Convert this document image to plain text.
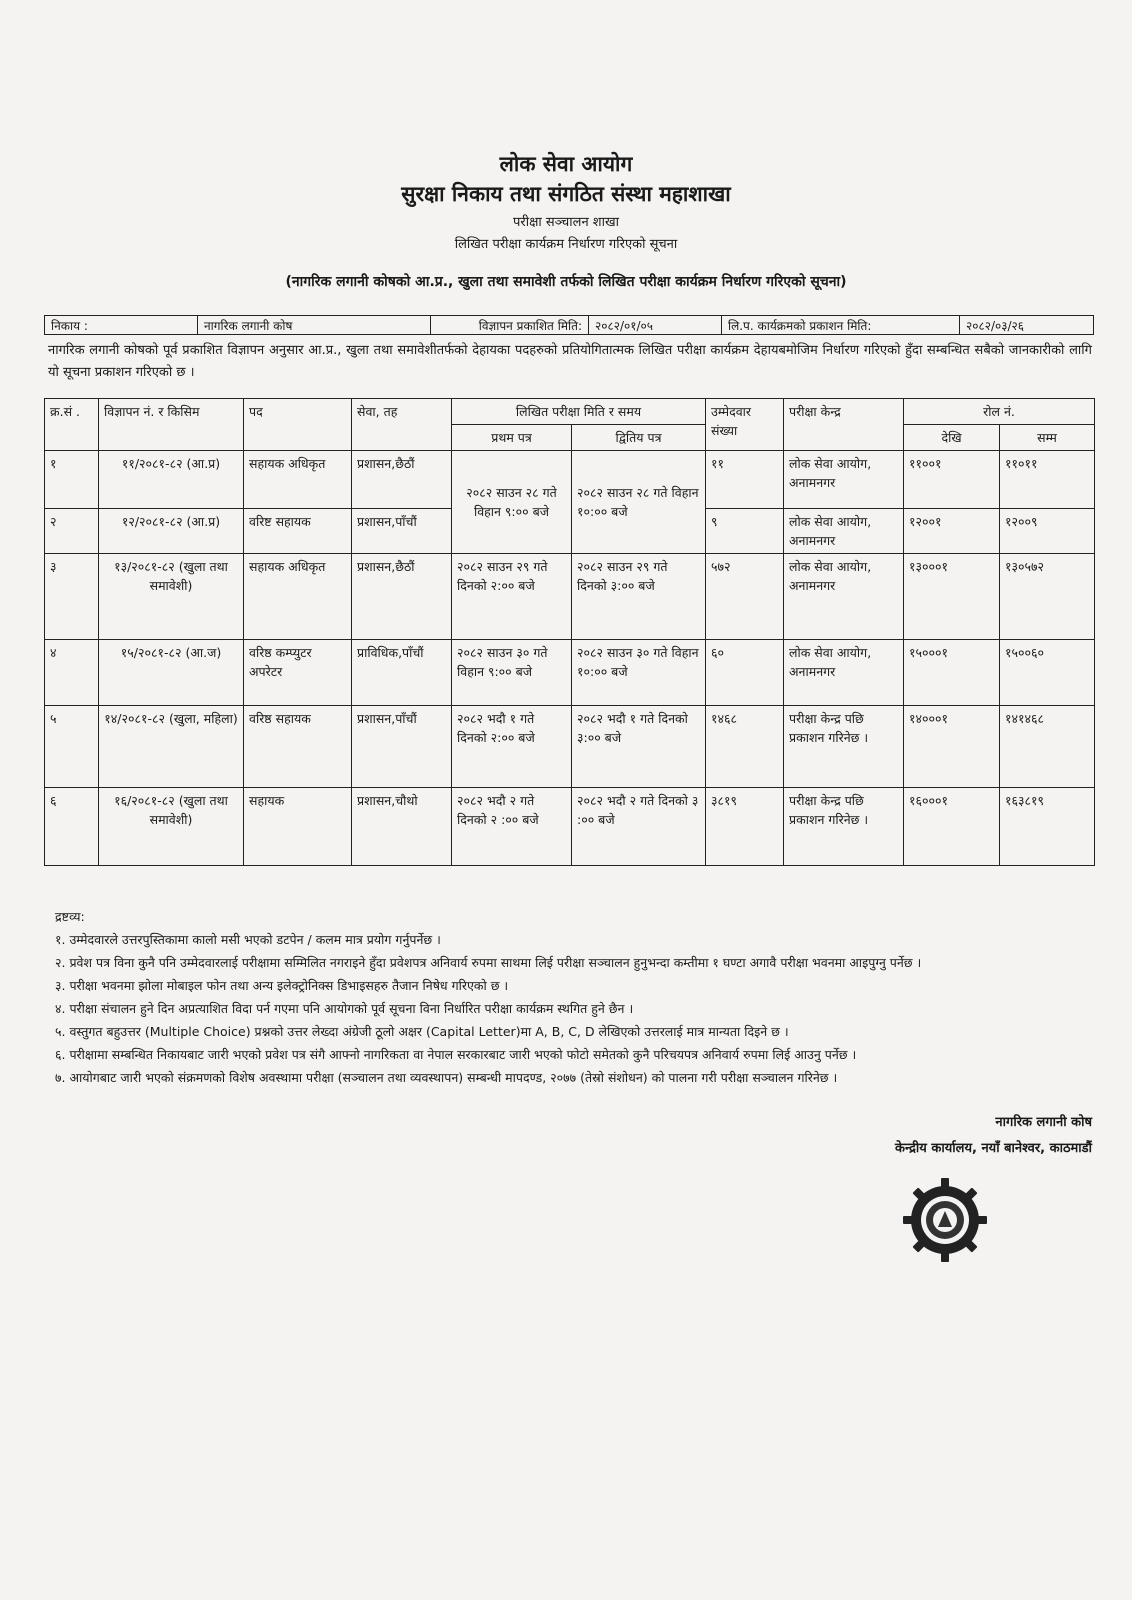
लोक सेवा आयोग
सुरक्षा निकाय तथा संगठित संस्था महाशाखा
परीक्षा सञ्चालन शाखा
लिखित परीक्षा कार्यक्रम निर्धारण गरिएको सूचना
(नागरिक लगानी कोषको आ.प्र., खुला तथा समावेशी तर्फको लिखित परीक्षा कार्यक्रम निर्धारण गरिएको सूचना)
निकाय :	नागरिक लगानी कोष	विज्ञापन प्रकाशित मिति:	२०८२/०१/०५	लि.प. कार्यक्रमको प्रकाशन मिति:	२०८२/०३/२६
नागरिक लगानी कोषको पूर्व प्रकाशित विज्ञापन अनुसार आ.प्र., खुला तथा समावेशीतर्फको देहायका पदहरुको प्रतियोगितात्मक लिखित परीक्षा कार्यक्रम देहायबमोजिम निर्धारण गरिएको हुँदा सम्बन्धित सबैको जानकारीको लागि यो सूचना प्रकाशन गरिएको छ ।
क्र.सं .	विज्ञापन नं. र किसिम	पद	सेवा, तह	लिखित परीक्षा मिति र समय		उम्मेदवार संख्या	परीक्षा केन्द्र	रोल नं.	
				प्रथम पत्र	द्वितिय पत्र			देखि	सम्म
१	११/२०८१-८२ (आ.प्र)	सहायक अधिकृत	प्रशासन,छैठौं	२०८२ साउन २८ गते विहान ९:०० बजे	२०८२ साउन २८ गते विहान १०:०० बजे	११	लोक सेवा आयोग, अनामनगर	११००१	११०११
२	१२/२०८१-८२ (आ.प्र)	वरिष्ट सहायक	प्रशासन,पाँचौं			९	लोक सेवा आयोग, अनामनगर	१२००१	१२००९
३	१३/२०८१-८२ (खुला तथा समावेशी)	सहायक अधिकृत	प्रशासन,छैठौं	२०८२ साउन २९ गते दिनको २:०० बजे	२०८२ साउन २९ गते दिनको ३:०० बजे	५७२	लोक सेवा आयोग, अनामनगर	१३०००१	१३०५७२
४	१५/२०८१-८२ (आ.ज)	वरिष्ठ कम्प्युटर अपरेटर	प्राविधिक,पाँचौं	२०८२ साउन ३० गते विहान ९:०० बजे	२०८२ साउन ३० गते विहान १०:०० बजे	६०	लोक सेवा आयोग, अनामनगर	१५०००१	१५००६०
५	१४/२०८१-८२ (खुला, महिला)	वरिष्ठ सहायक	प्रशासन,पाँचौं	२०८२ भदौ १ गते दिनको २:०० बजे	२०८२ भदौ १ गते दिनको ३:०० बजे	१४६८	परीक्षा केन्द्र पछि प्रकाशन गरिनेछ ।	१४०००१	१४१४६८
६	१६/२०८१-८२ (खुला तथा समावेशी)	सहायक	प्रशासन,चौथो	२०८२ भदौ २ गते दिनको २ :०० बजे	२०८२ भदौ २ गते दिनको ३ :०० बजे	३८१९	परीक्षा केन्द्र पछि प्रकाशन गरिनेछ ।	१६०००१	१६३८१९

द्रष्टव्य:

१. उम्मेदवारले उत्तरपुस्तिकामा कालो मसी भएको डटपेन / कलम मात्र प्रयोग गर्नुपर्नेछ ।

२. प्रवेश पत्र विना कुनै पनि उम्मेदवारलाई परीक्षामा सम्मिलित नगराइने हुँदा प्रवेशपत्र अनिवार्य रुपमा साथमा लिई परीक्षा सञ्चालन हुनुभन्दा कम्तीमा १ घण्टा अगावै परीक्षा भवनमा आइपुग्नु पर्नेछ ।

३. परीक्षा भवनमा झोला मोबाइल फोन तथा अन्य इलेक्ट्रोनिक्स डिभाइसहरु तैजान निषेध गरिएको छ ।

४. परीक्षा संचालन हुने दिन अप्रत्याशित विदा पर्न गएमा पनि आयोगको पूर्व सूचना विना निर्धारित परीक्षा कार्यक्रम स्थगित हुने छैन ।

५. वस्तुगत बहुउत्तर (Multiple Choice) प्रश्नको उत्तर लेख्दा अंग्रेजी ठूलो अक्षर (Capital Letter)मा A, B, C, D लेखिएको उत्तरलाई मात्र मान्यता दिइने छ ।

६. परीक्षामा सम्बन्धित निकायबाट जारी भएको प्रवेश पत्र संगै आफ्नो नागरिकता वा नेपाल सरकारबाट जारी भएको फोटो समेतको कुनै परिचयपत्र अनिवार्य रुपमा लिई आउनु पर्नेछ ।

७. आयोगबाट जारी भएको संक्रमणको विशेष अवस्थामा परीक्षा (सञ्चालन तथा व्यवस्थापन) सम्बन्धी मापदण्ड, २०७७ (तेस्रो संशोधन) को पालना गरी परीक्षा सञ्चालन गरिनेछ ।

नागरिक लगानी कोष
केन्द्रीय कार्यालय, नयाँ बानेश्वर, काठमाडौं
